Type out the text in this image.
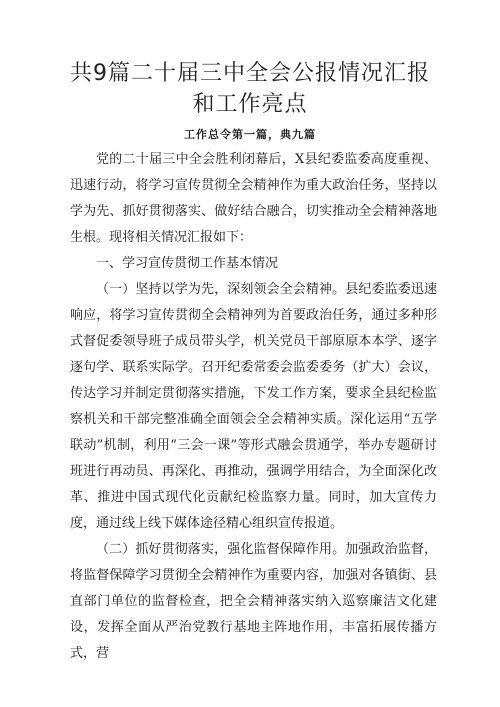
共9篇二十届三中全会公报情况汇报和工作亮点
工作总令第一篇，典九篇

党的二十届三中全会胜利闭幕后，X县纪委监委高度重视、迅速行动，将学习宣传贯彻全会精神作为重大政治任务，坚持以学为先、抓好贯彻落实、做好结合融合，切实推动全会精神落地生根。现将相关情况汇报如下：

一、学习宣传贯彻工作基本情况

（一）坚持以学为先，深刻领会全会精神。县纪委监委迅速响应，将学习宣传贯彻全会精神列为首要政治任务，通过多种形式督促委领导班子成员带头学，机关党员干部原原本本学、逐字逐句学、联系实际学。召开纪委常委会监委委务（扩大）会议，传达学习并制定贯彻落实措施，下发工作方案，要求全县纪检监察机关和干部完整准确全面领会全会精神实质。深化运用“五学联动”机制，利用“三会一课”等形式融会贯通学，举办专题研讨班进行再动员、再深化、再推动，强调学用结合，为全面深化改革、推进中国式现代化贡献纪检监察力量。同时，加大宣传力度，通过线上线下媒体途径精心组织宣传报道。

（二）抓好贯彻落实，强化监督保障作用。加强政治监督，将监督保障学习贯彻全会精神作为重要内容，加强对各镇街、县直部门单位的监督检查，把全会精神落实纳入巡察廉洁文化建设，发挥全面从严治党教行基地主阵地作用，丰富拓展传播方式，营
